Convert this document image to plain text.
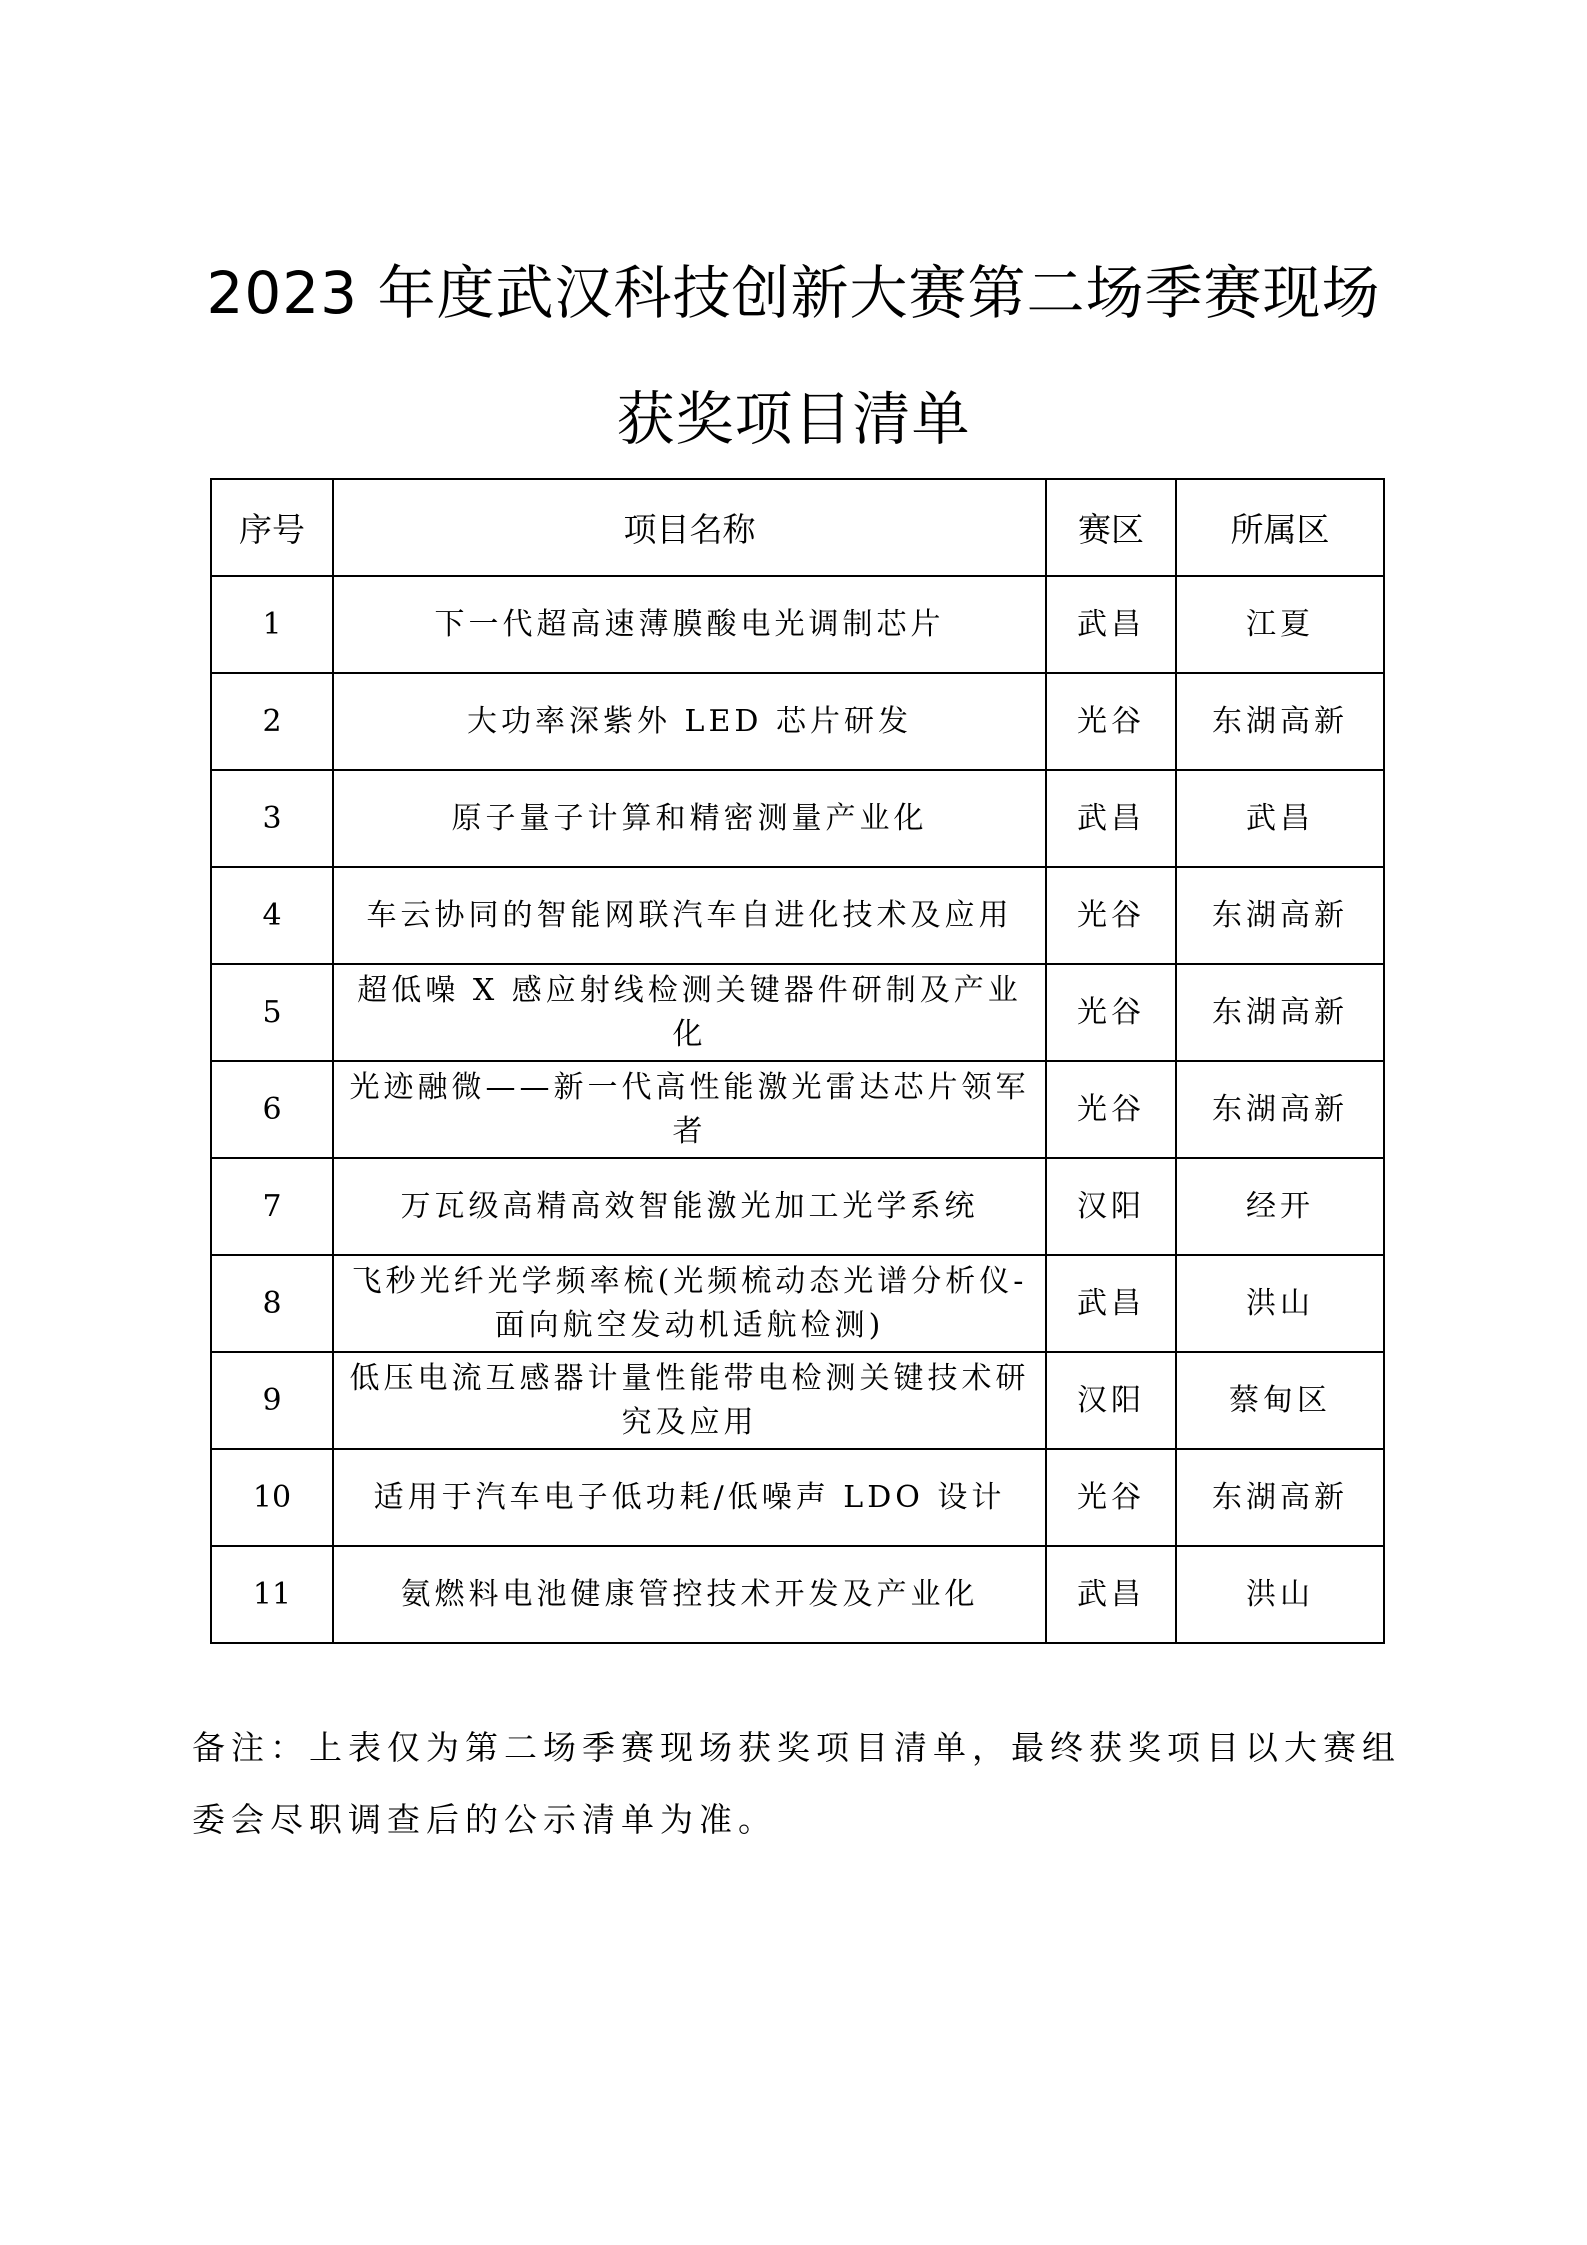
2023 年度武汉科技创新大赛第二场季赛现场
获奖项目清单
序号	项目名称	赛区	所属区
1	下一代超高速薄膜酸电光调制芯片	武昌	江夏
2	大功率深紫外 LED 芯片研发	光谷	东湖高新
3	原子量子计算和精密测量产业化	武昌	武昌
4	车云协同的智能网联汽车自进化技术及应用	光谷	东湖高新
5	超低噪 X 感应射线检测关键器件研制及产业化	光谷	东湖高新
6	光迹融微——新一代高性能激光雷达芯片领军者	光谷	东湖高新
7	万瓦级高精高效智能激光加工光学系统	汉阳	经开
8	飞秒光纤光学频率梳(光频梳动态光谱分析仪-面向航空发动机适航检测)	武昌	洪山
9	低压电流互感器计量性能带电检测关键技术研究及应用	汉阳	蔡甸区
10	适用于汽车电子低功耗/低噪声 LDO 设计	光谷	东湖高新
11	氨燃料电池健康管控技术开发及产业化	武昌	洪山

备注：上表仅为第二场季赛现场获奖项目清单，最终获奖项目以大赛组委会尽职调查后的公示清单为准。
